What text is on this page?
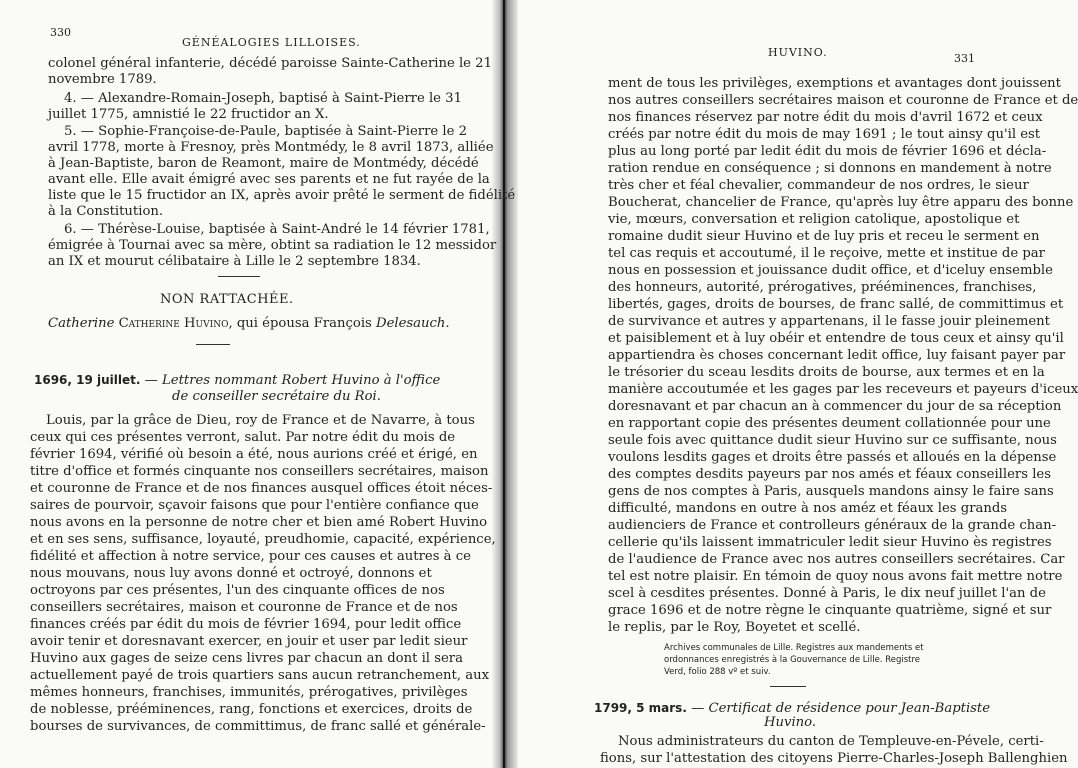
330
GÉNÉALOGIES LILLOISES.
colonel général infanterie, décédé paroisse Sainte-Catherine le 21
novembre 1789.
4. — Alexandre-Romain-Joseph, baptisé à Saint-Pierre le 31
juillet 1775, amnistié le 22 fructidor an X.
5. — Sophie-Françoise-de-Paule, baptisée à Saint-Pierre le 2
avril 1778, morte à Fresnoy, près Montmédy, le 8 avril 1873, alliée
à Jean-Baptiste, baron de Reamont, maire de Montmédy, décédé
avant elle. Elle avait émigré avec ses parents et ne fut rayée de la
liste que le 15 fructidor an IX, après avoir prêté le serment de fidélité
à la Constitution.
6. — Thérèse-Louise, baptisée à Saint-André le 14 février 1781,
émigrée à Tournai avec sa mère, obtint sa radiation le 12 messidor
an IX et mourut célibataire à Lille le 2 septembre 1834.
NON RATTACHÉE.
Catherine Catherine Huvino, qui épousa François Delesauch.
1696, 19 juillet. — Lettres nommant Robert Huvino à l'office
de conseiller secrétaire du Roi.
Louis, par la grâce de Dieu, roy de France et de Navarre, à tous
ceux qui ces présentes verront, salut. Par notre édit du mois de
février 1694, vérifié où besoin a été, nous aurions créé et érigé, en
titre d'office et formés cinquante nos conseillers secrétaires, maison
et couronne de France et de nos finances ausquel offices étoit néces-
saires de pourvoir, sçavoir faisons que pour l'entière confiance que
nous avons en la personne de notre cher et bien amé Robert Huvino
et en ses sens, suffisance, loyauté, preudhomie, capacité, expérience,
fidélité et affection à notre service, pour ces causes et autres à ce
nous mouvans, nous luy avons donné et octroyé, donnons et
octroyons par ces présentes, l'un des cinquante offices de nos
conseillers secrétaires, maison et couronne de France et de nos
finances créés par édit du mois de février 1694, pour ledit office
avoir tenir et doresnavant exercer, en jouir et user par ledit sieur
Huvino aux gages de seize cens livres par chacun an dont il sera
actuellement payé de trois quartiers sans aucun retranchement, aux
mêmes honneurs, franchises, immunités, prérogatives, privilèges
de noblesse, prééminences, rang, fonctions et exercices, droits de
bourses de survivances, de committimus, de franc sallé et générale-
HUVINO.	331
ment de tous les privilèges, exemptions et avantages dont jouissent
nos autres conseillers secrétaires maison et couronne de France et de
nos finances réservez par notre édit du mois d'avril 1672 et ceux
créés par notre édit du mois de may 1691 ; le tout ainsy qu'il est
plus au long porté par ledit édit du mois de février 1696 et décla-
ration rendue en conséquence ; si donnons en mandement à notre
très cher et féal chevalier, commandeur de nos ordres, le sieur
Boucherat, chancelier de France, qu'après luy être apparu des bonne
vie, mœurs, conversation et religion catolique, apostolique et
romaine dudit sieur Huvino et de luy pris et receu le serment en
tel cas requis et accoutumé, il le reçoive, mette et institue de par
nous en possession et jouissance dudit office, et d'iceluy ensemble
des honneurs, autorité, prérogatives, prééminences, franchises,
libertés, gages, droits de bourses, de franc sallé, de committimus et
de survivance et autres y appartenans, il le fasse jouir pleinement
et paisiblement et à luy obéir et entendre de tous ceux et ainsy qu'il
appartiendra ès choses concernant ledit office, luy faisant payer par
le trésorier du sceau lesdits droits de bourse, aux termes et en la
manière accoutumée et les gages par les receveurs et payeurs d'iceux
doresnavant et par chacun an à commencer du jour de sa réception
en rapportant copie des présentes deument collationnée pour une
seule fois avec quittance dudit sieur Huvino sur ce suffisante, nous
voulons lesdits gages et droits être passés et alloués en la dépense
des comptes desdits payeurs par nos amés et féaux conseillers les
gens de nos comptes à Paris, ausquels mandons ainsy le faire sans
difficulté, mandons en outre à nos améz et féaux les grands
audienciers de France et controlleurs généraux de la grande chan-
cellerie qu'ils laissent immatriculer ledit sieur Huvino ès registres
de l'audience de France avec nos autres conseillers secrétaires. Car
tel est notre plaisir. En témoin de quoy nous avons fait mettre notre
scel à cesdites présentes. Donné à Paris, le dix neuf juillet l'an de
grace 1696 et de notre règne le cinquante quatrième, signé et sur
le replis, par le Roy, Boyetet et scellé.
Archives communales de Lille. Registres aux mandements et
ordonnances enregistrés à la Gouvernance de Lille. Registre
Verd, folio 288 vº et suiv.
1799, 5 mars. — Certificat de résidence pour Jean-Baptiste
Huvino.
Nous administrateurs du canton de Templeuve-en-Pévele, certi-
fions, sur l'attestation des citoyens Pierre-Charles-Joseph Ballenghien
